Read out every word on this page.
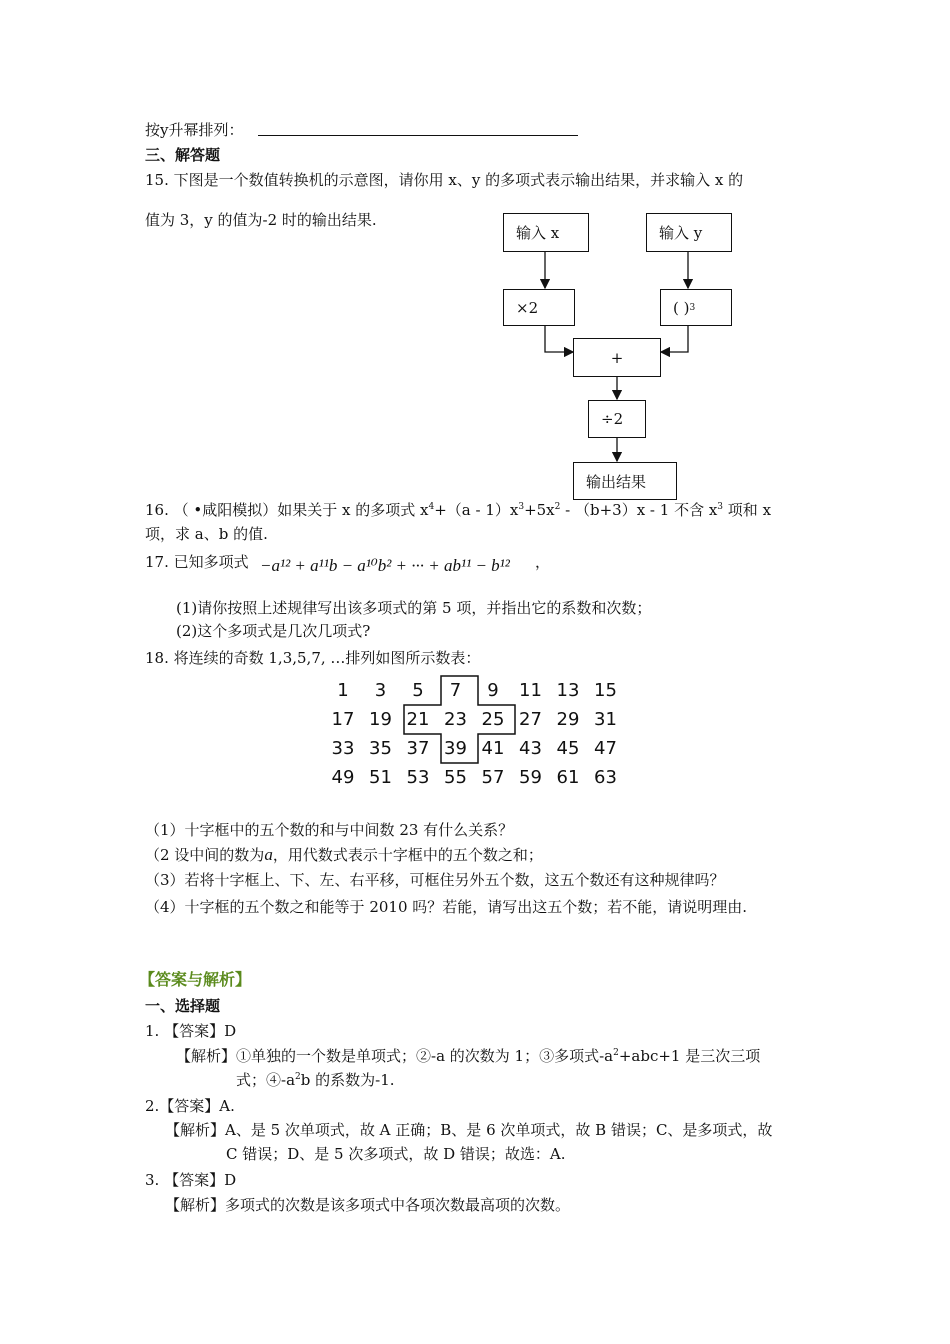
按y升幂排列：
三、解答题
15. 下图是一个数值转换机的示意图，请你用 x、y 的多项式表示输出结果，并求输入 x 的
值为 3，y 的值为-2 时的输出结果.
输入 x	输入 y
×2	( ) 3
+
÷2
输出结果
16. （ •咸阳模拟）如果关于 x 的多项式 $x^4+(a - 1)x^3+5x^2 - (b+3)x - 1$ 不含 $x^3$ 项和 x
项，求 a、b 的值.
17. 已知多项式 −a¹² + a¹¹b − a¹⁰b² + ··· + ab¹¹ − b¹² ，
(1)请你按照上述规律写出该多项式的第 5 项，并指出它的系数和次数；
(2)这个多项式是几次几项式?
18. 将连续的奇数 1,3,5,7, …排列如图所示数表：
1	3	5	7	9	11 13 15
17 19 21 23 25 27 29 31
33 35 37 39 41 43 45 47
49 51 53 55 57 59 61 63
（1）十字框中的五个数的和与中间数 23 有什么关系？
（2 设中间的数为a，用代数式表示十字框中的五个数之和；
（3）若将十字框上、下、左、右平移，可框住另外五个数，这五个数还有这种规律吗？
（4）十字框的五个数之和能等于 2010 吗？若能，请写出这五个数；若不能，请说明理由.
【答案与解析】
一、选择题
1. 【答案】D
【解析】①单独的一个数是单项式；②-a 的次数为 1；③多项式$-a^2+abc+1$ 是三次三项
式；$④-a^2b$ 的系数为-1.
2.【答案】A.
【解析】A、是 5 次单项式，故 A 正确；B、是 6 次单项式，故 B 错误；C、是多项式，故
C 错误；D、是 5 次多项式，故 D 错误；故选：A.
3. 【答案】D
【解析】多项式的次数是该多项式中各项次数最高项的次数。
